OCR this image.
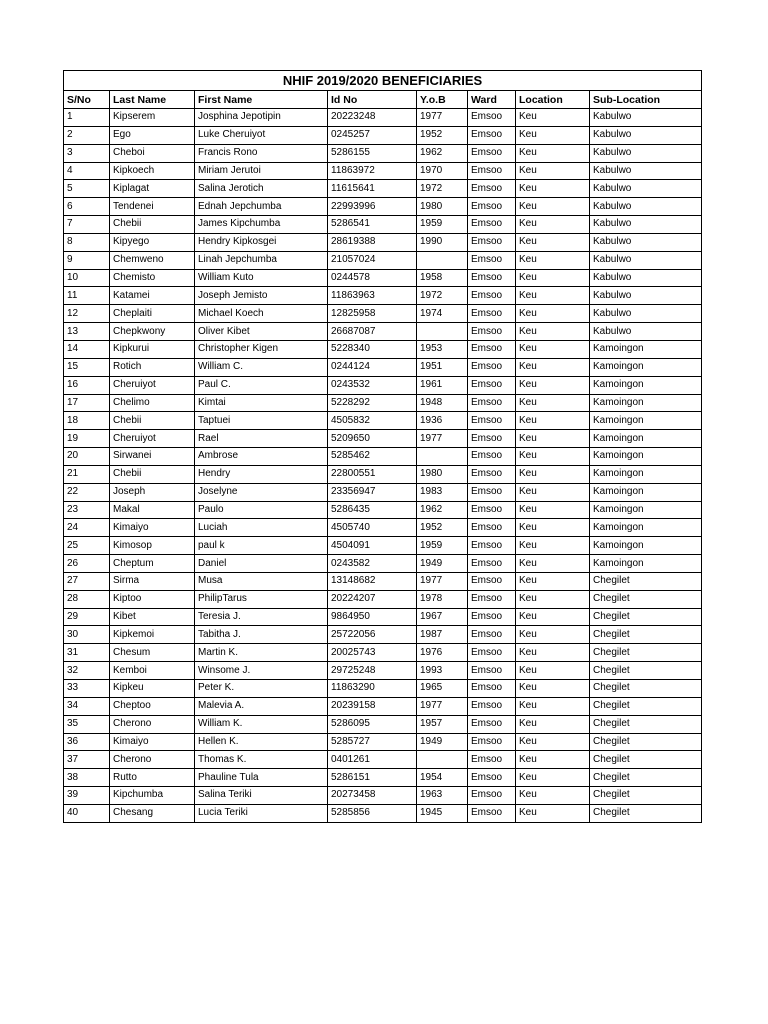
NHIF 2019/2020 BENEFICIARIES							
S/No	Last Name	First Name	Id No	Y.o.B	Ward	Location	Sub-Location
1	Kipserem	Josphina Jepotipin	20223248	1977	Emsoo	Keu	Kabulwo
2	Ego	Luke Cheruiyot	0245257	1952	Emsoo	Keu	Kabulwo
3	Cheboi	Francis Rono	5286155	1962	Emsoo	Keu	Kabulwo
4	Kipkoech	Miriam Jerutoi	11863972	1970	Emsoo	Keu	Kabulwo
5	Kiplagat	Salina Jerotich	11615641	1972	Emsoo	Keu	Kabulwo
6	Tendenei	Ednah Jepchumba	22993996	1980	Emsoo	Keu	Kabulwo
7	Chebii	James Kipchumba	5286541	1959	Emsoo	Keu	Kabulwo
8	Kipyego	Hendry Kipkosgei	28619388	1990	Emsoo	Keu	Kabulwo
9	Chemweno	Linah Jepchumba	21057024		Emsoo	Keu	Kabulwo
10	Chemisto	William Kuto	0244578	1958	Emsoo	Keu	Kabulwo
11	Katamei	Joseph Jemisto	11863963	1972	Emsoo	Keu	Kabulwo
12	Cheplaiti	Michael Koech	12825958	1974	Emsoo	Keu	Kabulwo
13	Chepkwony	Oliver Kibet	26687087		Emsoo	Keu	Kabulwo
14	Kipkurui	Christopher Kigen	5228340	1953	Emsoo	Keu	Kamoingon
15	Rotich	William C.	0244124	1951	Emsoo	Keu	Kamoingon
16	Cheruiyot	Paul C.	0243532	1961	Emsoo	Keu	Kamoingon
17	Chelimo	Kimtai	5228292	1948	Emsoo	Keu	Kamoingon
18	Chebii	Taptuei	4505832	1936	Emsoo	Keu	Kamoingon
19	Cheruiyot	Rael	5209650	1977	Emsoo	Keu	Kamoingon
20	Sirwanei	Ambrose	5285462		Emsoo	Keu	Kamoingon
21	Chebii	Hendry	22800551	1980	Emsoo	Keu	Kamoingon
22	Joseph	Joselyne	23356947	1983	Emsoo	Keu	Kamoingon
23	Makal	Paulo	5286435	1962	Emsoo	Keu	Kamoingon
24	Kimaiyo	Luciah	4505740	1952	Emsoo	Keu	Kamoingon
25	Kimosop	paul k	4504091	1959	Emsoo	Keu	Kamoingon
26	Cheptum	Daniel	0243582	1949	Emsoo	Keu	Kamoingon
27	Sirma	Musa	13148682	1977	Emsoo	Keu	Chegilet
28	Kiptoo	PhilipTarus	20224207	1978	Emsoo	Keu	Chegilet
29	Kibet	Teresia J.	9864950	1967	Emsoo	Keu	Chegilet
30	Kipkemoi	Tabitha J.	25722056	1987	Emsoo	Keu	Chegilet
31	Chesum	Martin K.	20025743	1976	Emsoo	Keu	Chegilet
32	Kemboi	Winsome J.	29725248	1993	Emsoo	Keu	Chegilet
33	Kipkeu	Peter K.	11863290	1965	Emsoo	Keu	Chegilet
34	Cheptoo	Malevia A.	20239158	1977	Emsoo	Keu	Chegilet
35	Cherono	William K.	5286095	1957	Emsoo	Keu	Chegilet
36	Kimaiyo	Hellen K.	5285727	1949	Emsoo	Keu	Chegilet
37	Cherono	Thomas K.	0401261		Emsoo	Keu	Chegilet
38	Rutto	Phauline Tula	5286151	1954	Emsoo	Keu	Chegilet
39	Kipchumba	Salina Teriki	20273458	1963	Emsoo	Keu	Chegilet
40	Chesang	Lucia Teriki	5285856	1945	Emsoo	Keu	Chegilet
